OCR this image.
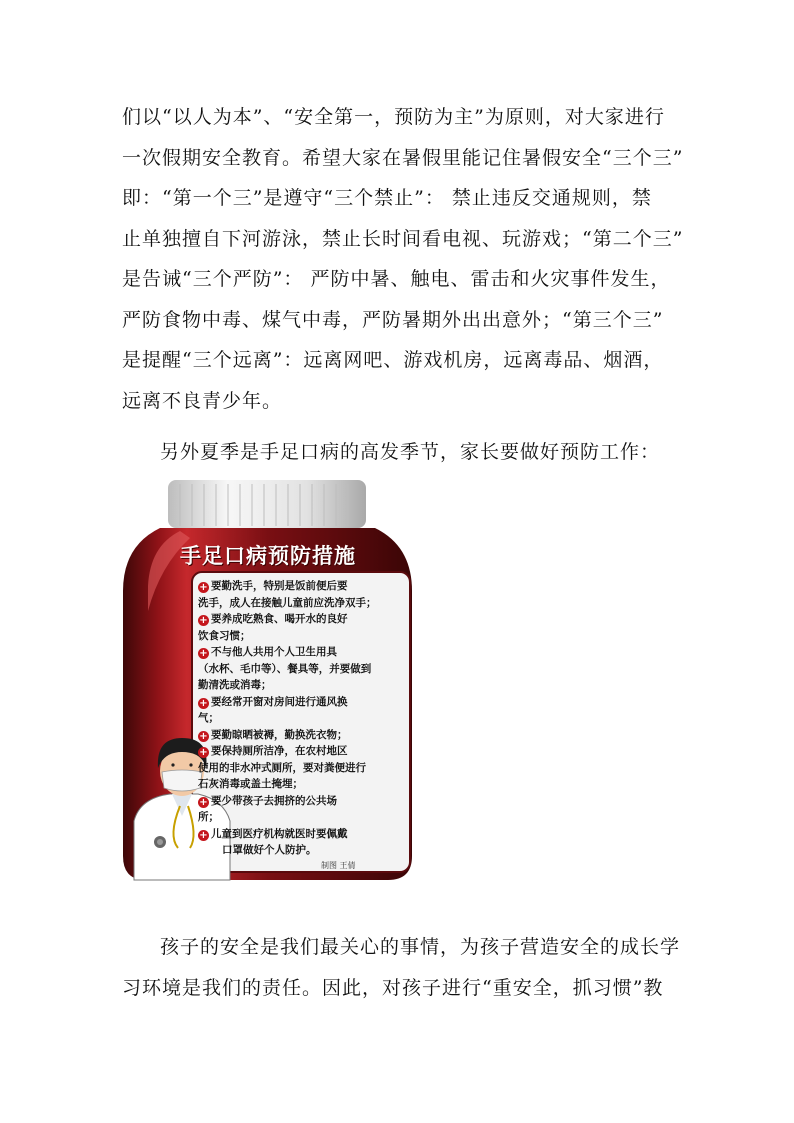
们以“以人为本”、“安全第一，预防为主”为原则，对大家进行
一次假期安全教育。希望大家在暑假里能记住暑假安全“三个三”
即：“第一个三”是遵守“三个禁止”： 禁止违反交通规则，禁
止单独擅自下河游泳，禁止长时间看电视、玩游戏；“第二个三”
是告诫“三个严防”： 严防中暑、触电、雷击和火灾事件发生，
严防食物中毒、煤气中毒，严防暑期外出出意外；“第三个三”
是提醒“三个远离”：远离网吧、游戏机房，远离毒品、烟酒，
远离不良青少年。
另外夏季是手足口病的高发季节，家长要做好预防工作：
手足口病预防措施
+ 要勤洗手，特别是饭前便后要
洗手，成人在接触儿童前应洗净双手；
+ 要养成吃熟食、喝开水的良好
饮食习惯；
+ 不与他人共用个人卫生用具
（水杯、毛巾等）、餐具等，并要做到
勤清洗或消毒；
+ 要经常开窗对房间进行通风换
气；
+ 要勤晾晒被褥，勤换洗衣物；
+ 要保持厕所洁净，在农村地区
使用的非水冲式厕所，要对粪便进行
石灰消毒或盖土掩埋；
+ 要少带孩子去拥挤的公共场
所；
+ 儿童到医疗机构就医时要佩戴
口罩做好个人防护。
制图 王倩
孩子的安全是我们最关心的事情，为孩子营造安全的成长学
习环境是我们的责任。因此，对孩子进行“重安全，抓习惯”教
